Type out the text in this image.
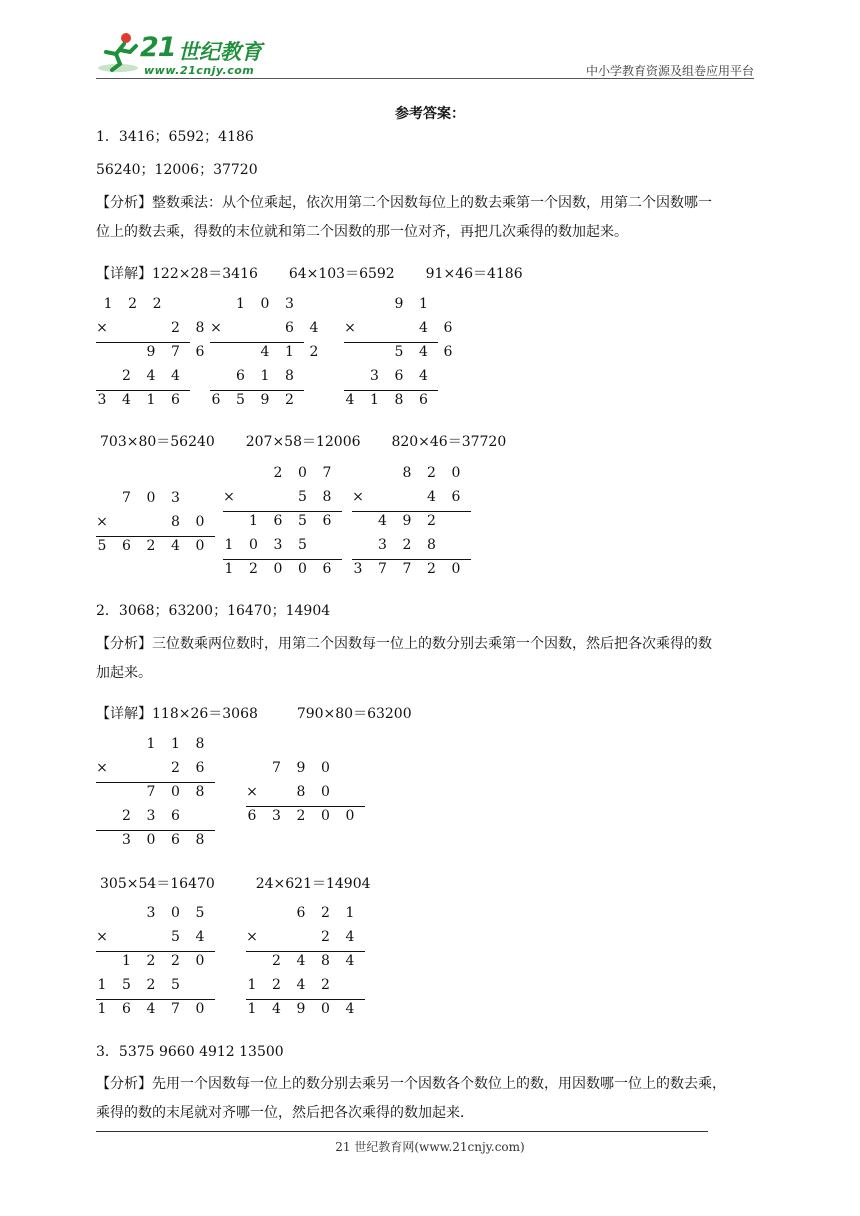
21 世纪教育
www.21cnjy.com	中小学教育资源及组卷应用平台
参考答案：
1．3416；6592；4186
56240；12006；37720
【分析】整数乘法：从个位乘起，依次用第二个因数每位上的数去乘第一个因数，用第二个因数哪一
位上的数去乘，得数的末位就和第二个因数的那一位对齐，再把几次乘得的数加起来。
【详解】122×28＝3416 64×103＝6592 91×46＝4186
1 2 2
×	2 8
9 7 6
2 4 4
3 4 1 6
1 0 3
×	6 4
4 1 2
6 1 8
6 5 9 2
9 1
×	4 6
5 4 6
3 6 4
4 1 8 6
703×80＝56240 207×58＝12006 820×46＝37720
7 0 3
×	8 0
5 6 2 4 0
2 0 7
×	5 8
1 6 5 6
1 0 3 5
1 2 0 0 6
8 2 0
×	4 6
4 9 2
3 2 8
3 7 7 2 0
2．3068；63200；16470；14904
【分析】三位数乘两位数时，用第二个因数每一位上的数分别去乘第一个因数，然后把各次乘得的数
加起来。
【详解】118×26＝3068	790×80＝63200
1 1 8
×	2 6
7 0 8
2 3 6
3 0 6 8
7 9 0
×	8 0
6 3 2 0 0
305×54＝16470	24×621＝14904
3 0 5
×	5 4
1 2 2 0
1 5 2 5
1 6 4 7 0
6 2 1
×	2 4
2 4 8 4
1 2 4 2
1 4 9 0 4
3．5375 9660 4912 13500
【分析】先用一个因数每一位上的数分别去乘另一个因数各个数位上的数，用因数哪一位上的数去乘，
乘得的数的末尾就对齐哪一位，然后把各次乘得的数加起来．
21 世纪教育网(www.21cnjy.com)
